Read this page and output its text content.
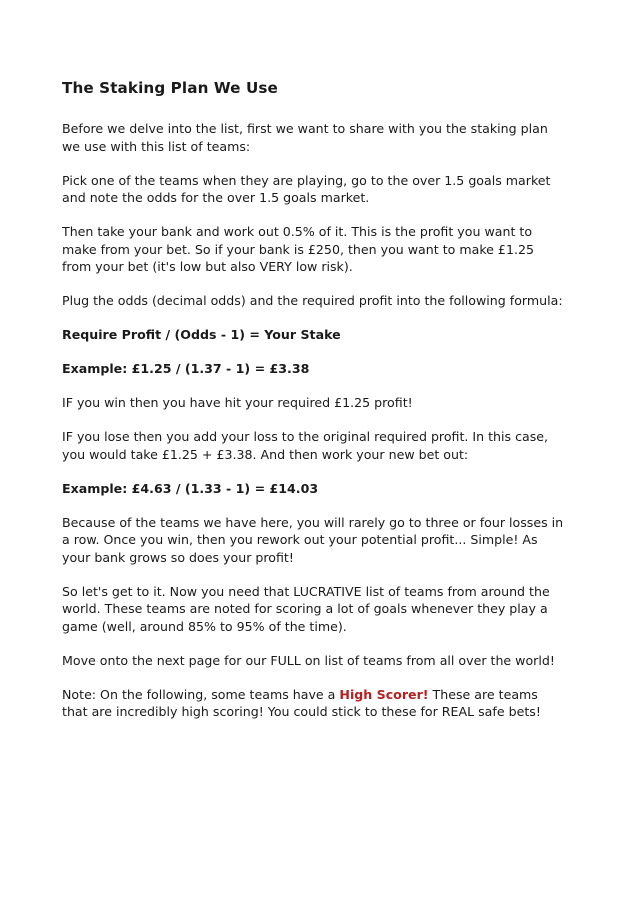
The Staking Plan We Use
Before we delve into the list, first we want to share with you the staking plan
we use with this list of teams:
Pick one of the teams when they are playing, go to the over 1.5 goals market
and note the odds for the over 1.5 goals market.
Then take your bank and work out 0.5% of it. This is the profit you want to
make from your bet. So if your bank is £250, then you want to make £1.25
from your bet (it's low but also VERY low risk).
Plug the odds (decimal odds) and the required profit into the following formula:
Require Profit / (Odds - 1) = Your Stake
Example: £1.25 / (1.37 - 1) = £3.38
IF you win then you have hit your required £1.25 profit!
IF you lose then you add your loss to the original required profit. In this case,
you would take £1.25 + £3.38. And then work your new bet out:
Example: £4.63 / (1.33 - 1) = £14.03
Because of the teams we have here, you will rarely go to three or four losses in
a row. Once you win, then you rework out your potential profit... Simple! As
your bank grows so does your profit!
So let's get to it. Now you need that LUCRATIVE list of teams from around the
world. These teams are noted for scoring a lot of goals whenever they play a
game (well, around 85% to 95% of the time).
Move onto the next page for our FULL on list of teams from all over the world!
Note: On the following, some teams have a High Scorer! These are teams
that are incredibly high scoring! You could stick to these for REAL safe bets!
